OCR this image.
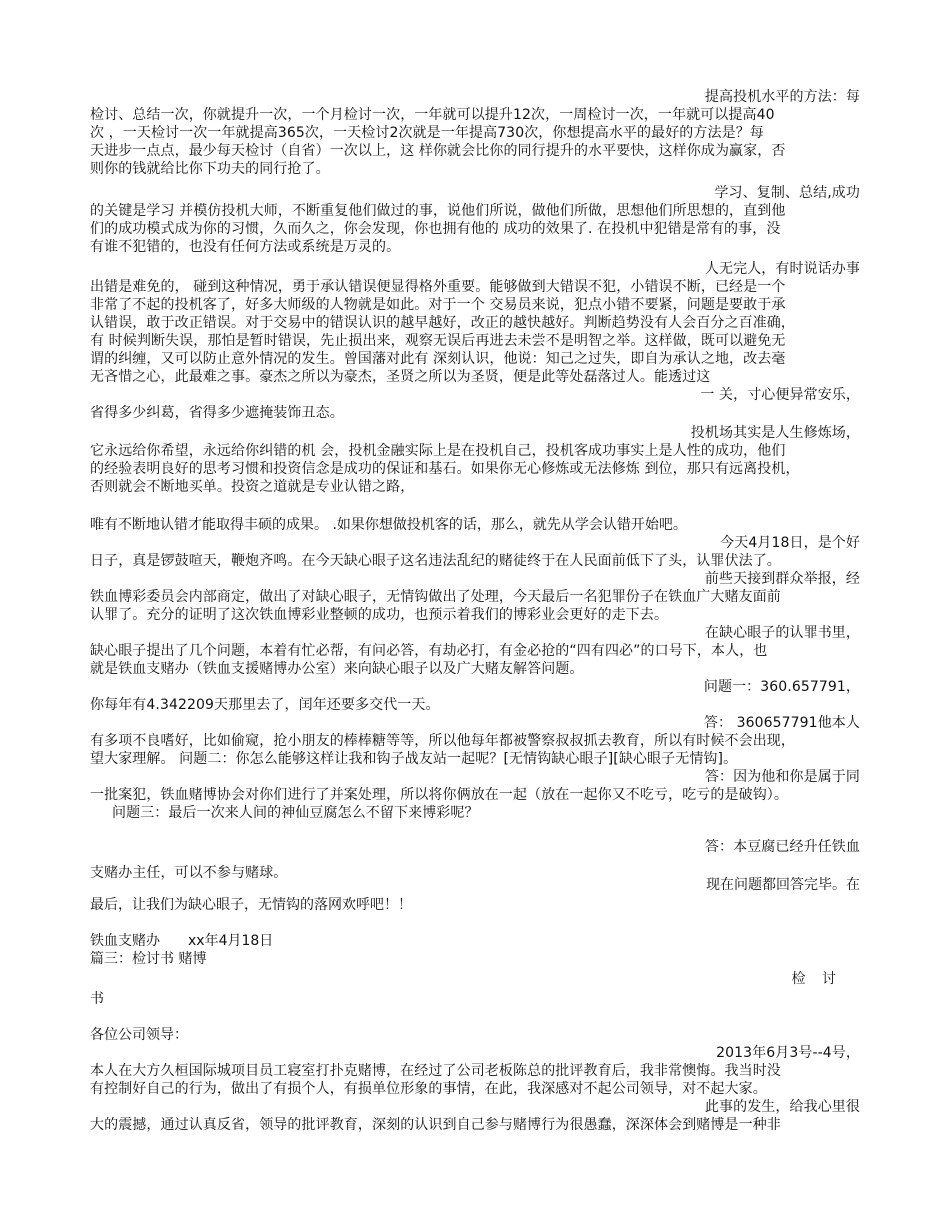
提高投机水平的方法：每
检讨、总结一次，你就提升一次，一个月检讨一次，一年就可以提升12次，一周检讨一次，一年就可以提高40
次 ，一天检讨一次一年就提高365次，一天检讨2次就是一年提高730次，你想提高水平的最好的方法是？每
天进步一点点，最少每天检讨（自省）一次以上，这 样你就会比你的同行提升的水平要快，这样你成为赢家，否
则你的钱就给比你下功夫的同行抢了。
学习、复制、总结,成功
的关键是学习 并模仿投机大师，不断重复他们做过的事，说他们所说，做他们所做，思想他们所思想的，直到他
们的成功模式成为你的习惯，久而久之，你会发现，你也拥有他的 成功的效果了. 在投机中犯错是常有的事，没
有谁不犯错的，也没有任何方法或系统是万灵的。
人无完人，有时说话办事
出错是难免的， 碰到这种情况，勇于承认错误便显得格外重要。能够做到大错误不犯，小错误不断，已经是一个
非常了不起的投机客了，好多大师级的人物就是如此。对于一个 交易员来说，犯点小错不要紧，问题是要敢于承
认错误，敢于改正错误。对于交易中的错误认识的越早越好，改正的越快越好。判断趋势没有人会百分之百准确，
有 时候判断失误，那怕是暂时错误，先止损出来，观察无误后再进去未尝不是明智之举。这样做，既可以避免无
谓的纠缠，又可以防止意外情况的发生。曾国藩对此有 深刻认识，他说：知己之过失，即自为承认之地，改去毫
无吝惜之心，此最难之事。豪杰之所以为豪杰，圣贤之所以为圣贤，便是此等处磊落过人。能透过这
一 关，寸心便异常安乐，
省得多少纠葛，省得多少遮掩装饰丑态。
投机场其实是人生修炼场，
它永远给你希望，永远给你纠错的机 会，投机金融实际上是在投机自己，投机客成功事实上是人性的成功，他们
的经验表明良好的思考习惯和投资信念是成功的保证和基石。如果你无心修炼或无法修炼 到位，那只有远离投机，
否则就会不断地买单。投资之道就是专业认错之路，
唯有不断地认错才能取得丰硕的成果。 .如果你想做投机客的话，那么，就先从学会认错开始吧。
今天4月18日，是个好
日子，真是锣鼓喧天，鞭炮齐鸣。在今天缺心眼子这名违法乱纪的赌徒终于在人民面前低下了头，认罪伏法了。
前些天接到群众举报，经
铁血博彩委员会内部商定，做出了对缺心眼子，无情钩做出了处理，今天最后一名犯罪份子在铁血广大赌友面前
认罪了。充分的证明了这次铁血博彩业整顿的成功，也预示着我们的博彩业会更好的走下去。
在缺心眼子的认罪书里，
缺心眼子提出了几个问题，本着有忙必帮，有问必答，有劫必打，有金必抢的“四有四必”的口号下，本人，也
就是铁血支赌办（铁血支援赌博办公室）来向缺心眼子以及广大赌友解答问题。
问题一：360.657791，
你每年有4.342209天那里去了，闰年还要多交代一天。
答： 360657791他本人
有多项不良嗜好，比如偷窥，抢小朋友的棒棒糖等等，所以他每年都被警察叔叔抓去教育，所以有时候不会出现，
望大家理解。 问题二：你怎么能够这样让我和钩子战友站一起呢？[无情钩缺心眼子][缺心眼子无情钩]。
答：因为他和你是属于同
一批案犯，铁血赌博协会对你们进行了并案处理，所以将你俩放在一起（放在一起你又不吃亏，吃亏的是破钩）。
问题三：最后一次来人间的神仙豆腐怎么不留下来博彩呢？
答：本豆腐已经升任铁血
支赌办主任，可以不参与赌球。
现在问题都回答完毕。在
最后，让我们为缺心眼子，无情钩的落网欢呼吧！！
铁血支赌办 xx年4月18日
篇三：检讨书 赌博
检 讨
书
各位公司领导：
2013年6月3号--4号，
本人在大方久桓国际城项目员工寝室打扑克赌博，在经过了公司老板陈总的批评教育后，我非常懊悔。我当时没
有控制好自己的行为，做出了有损个人，有损单位形象的事情，在此，我深感对不起公司领导，对不起大家。
此事的发生，给我心里很
大的震撼，通过认真反省，领导的批评教育，深刻的认识到自己参与赌博行为很愚蠢，深深体会到赌博是一种非
